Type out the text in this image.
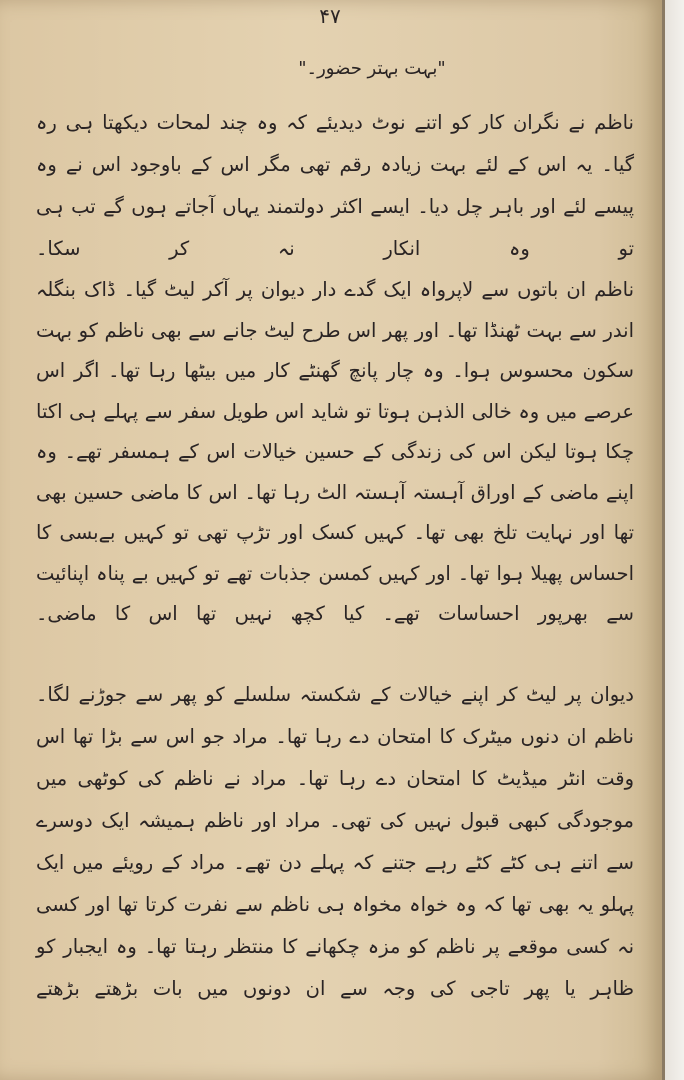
۴۷
"بہت بہتر حضور۔"

ناظم نے نگران کار کو اتنے نوٹ دیدیئے کہ وہ چند لمحات دیکھتا ہی رہ گیا۔ یہ اس کے لئے بہت زیادہ رقم تھی مگر اس کے باوجود اس نے وہ پیسے لئے اور باہر چل دیا۔ ایسے اکثر دولتمند یہاں آجاتے ہوں گے تب ہی تو وہ انکار نہ کر سکا۔

ناظم ان باتوں سے لاپرواہ ایک گدے دار دیوان پر آکر لیٹ گیا۔ ڈاک بنگلہ اندر سے بہت ٹھنڈا تھا۔ اور پھر اس طرح لیٹ جانے سے بھی ناظم کو بہت سکون محسوس ہوا۔ وہ چار پانچ گھنٹے کار میں بیٹھا رہا تھا۔ اگر اس عرصے میں وہ خالی الذہن ہوتا تو شاید اس طویل سفر سے پہلے ہی اکتا چکا ہوتا لیکن اس کی زندگی کے حسین خیالات اس کے ہمسفر تھے۔ وہ اپنے ماضی کے اوراق آہستہ آہستہ الٹ رہا تھا۔ اس کا ماضی حسین بھی تھا اور نہایت تلخ بھی تھا۔ کہیں کسک اور تڑپ تھی تو کہیں بےبسی کا احساس پھیلا ہوا تھا۔ اور کہیں کمسن جذبات تھے تو کہیں بے پناہ اپنائیت سے بھرپور احساسات تھے۔ کیا کچھ نہیں تھا اس کا ماضی۔

دیوان پر لیٹ کر اپنے خیالات کے شکستہ سلسلے کو پھر سے جوڑنے لگا۔

ناظم ان دنوں میٹرک کا امتحان دے رہا تھا۔ مراد جو اس سے بڑا تھا اس وقت انٹر میڈیٹ کا امتحان دے رہا تھا۔ مراد نے ناظم کی کوٹھی میں موجودگی کبھی قبول نہیں کی تھی۔ مراد اور ناظم ہمیشہ ایک دوسرے سے اتنے ہی کٹے کٹے رہے جتنے کہ پہلے دن تھے۔ مراد کے رویئے میں ایک پہلو یہ بھی تھا کہ وہ خواہ مخواہ ہی ناظم سے نفرت کرتا تھا اور کسی نہ کسی موقعے پر ناظم کو مزہ چکھانے کا منتظر رہتا تھا۔ وہ ایجبار کو ظاہر یا پھر تاجی کی وجہ سے ان دونوں میں بات بڑھتے بڑھتے
